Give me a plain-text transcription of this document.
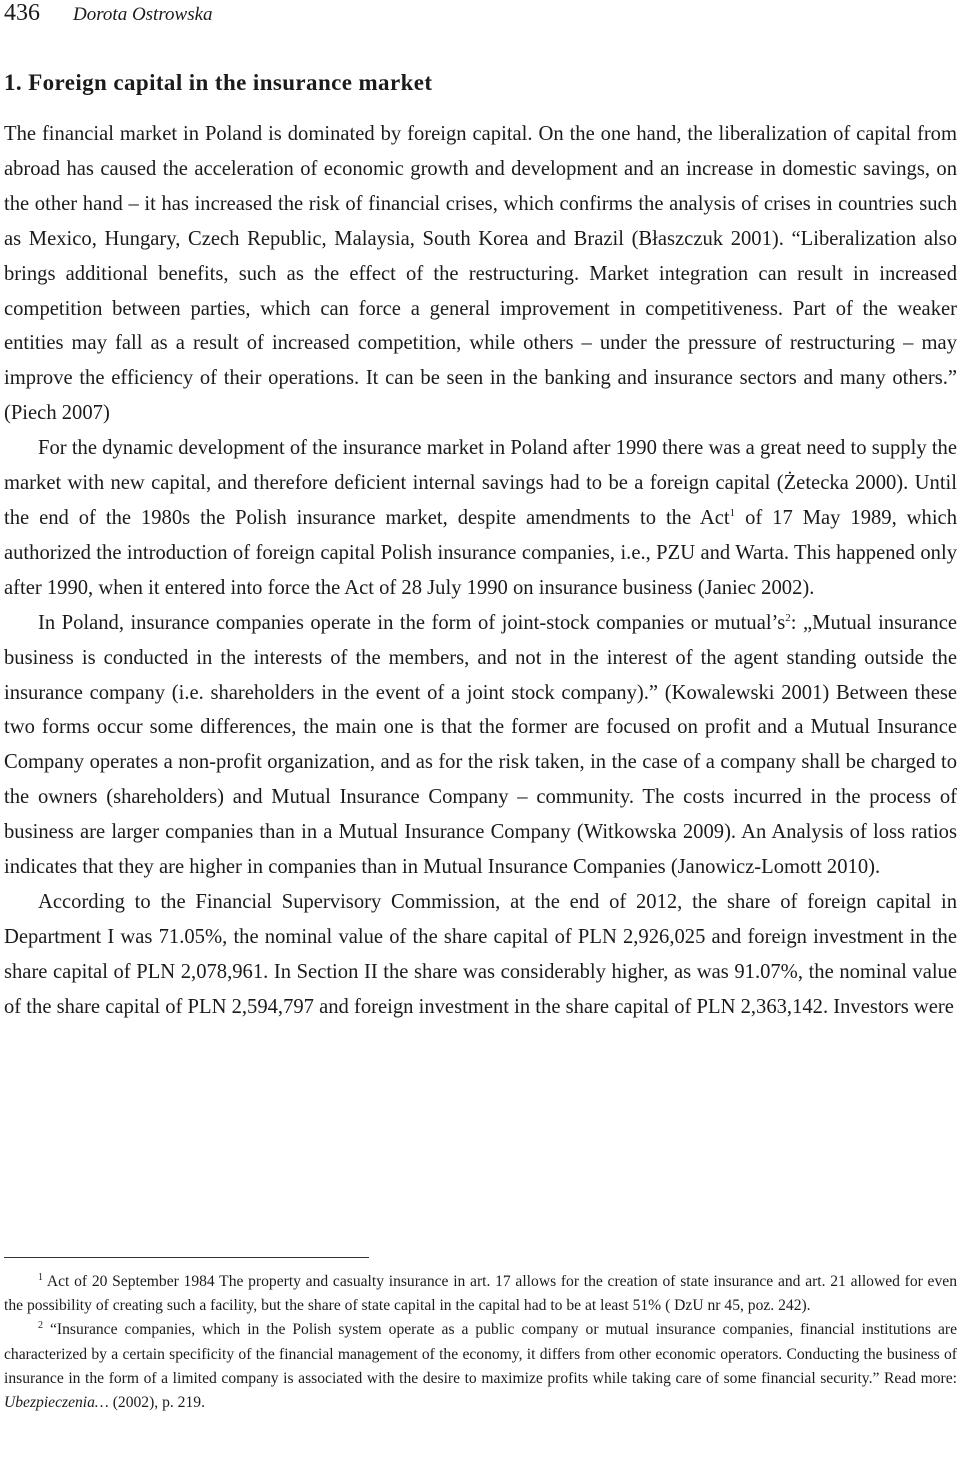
436 Dorota Ostrowska
1. Foreign capital in the insurance market

The financial market in Poland is dominated by foreign capital. On the one hand, the liberalization of capital from abroad has caused the acceleration of economic growth and development and an increase in domestic savings, on the other hand – it has increased the risk of financial crises, which confirms the analysis of crises in countries such as Mexico, Hungary, Czech Republic, Malaysia, South Korea and Brazil (Błaszczuk 2001). “Liberalization also brings additional benefits, such as the effect of the restructuring. Market integration can result in increased competition between parties, which can force a general improvement in competitiveness. Part of the weaker entities may fall as a result of increased competition, while others – under the pressure of restructuring – may improve the efficiency of their operations. It can be seen in the banking and insurance sectors and many others.” (Piech 2007)

For the dynamic development of the insurance market in Poland after 1990 there was a great need to supply the market with new capital, and therefore deficient internal savings had to be a foreign capital (Żetecka 2000). Until the end of the 1980s the Polish insurance market, despite amendments to the Act$^1$ of 17 May 1989, which authorized the introduction of foreign capital Polish insurance companies, i.e., PZU and Warta. This happened only after 1990, when it entered into force the Act of 28 July 1990 on insurance business (Janiec 2002).

In Poland, insurance companies operate in the form of joint-stock companies or $mutual’s^2$: „Mutual insurance business is conducted in the interests of the members, and not in the interest of the agent standing outside the insurance company (i.e. shareholders in the event of a joint stock company).” (Kowalewski 2001) Between these two forms occur some differences, the main one is that the former are focused on profit and a Mutual Insurance Company operates a non-profit organization, and as for the risk taken, in the case of a company shall be charged to the owners (shareholders) and Mutual Insurance Company – community. The costs incurred in the process of business are larger companies than in a Mutual Insurance Company (Witkowska 2009). An Analysis of loss ratios indicates that they are higher in companies than in Mutual Insurance Companies (Janowicz-Lomott 2010).

According to the Financial Supervisory Commission, at the end of 2012, the share of foreign capital in Department I was 71.05%, the nominal value of the share capital of PLN 2,926,025 and foreign investment in the share capital of PLN 2,078,961. In Section II the share was considerably higher, as was 91.07%, the nominal value of the share capital of PLN 2,594,797 and foreign investment in the share capital of PLN 2,363,142. Investors were

$^1$ Act of 20 September 1984 The property and casualty insurance in art. 17 allows for the creation of state insurance and art. 21 allowed for even the possibility of creating such a facility, but the share of state capital in the capital had to be at least 51% ( DzU nr 45, poz. 242).

$^2$ “Insurance companies, which in the Polish system operate as a public company or mutual insurance companies, financial institutions are characterized by a certain specificity of the financial management of the economy, it differs from other economic operators. Conducting the business of insurance in the form of a limited company is associated with the desire to maximize profits while taking care of some financial security.” Read more: Ubezpieczenia… (2002), p. 219.
